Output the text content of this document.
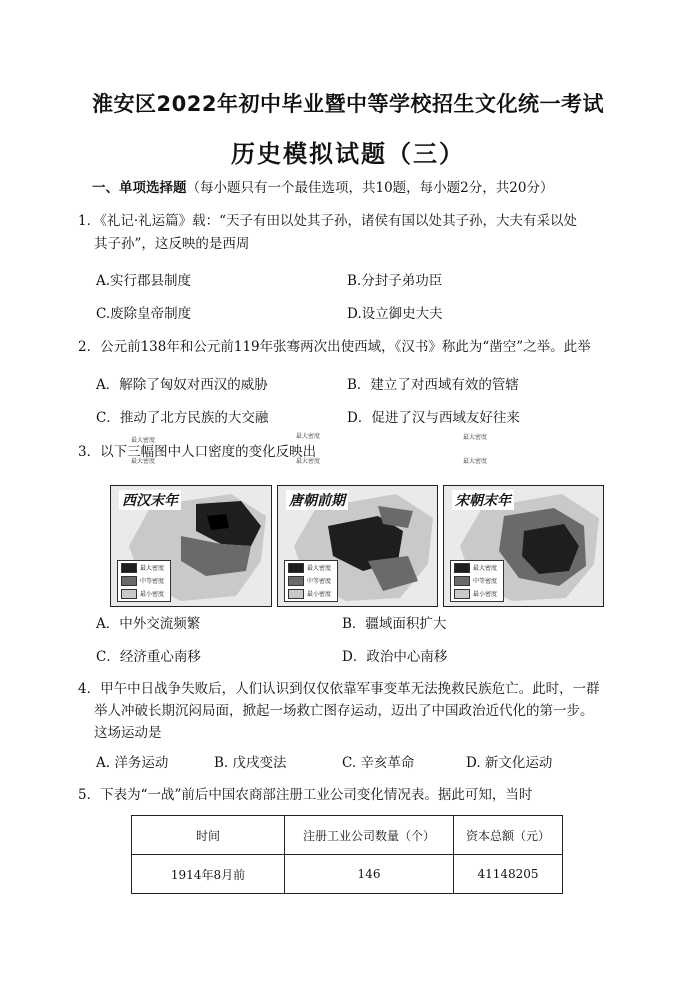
淮安区2022年初中毕业暨中等学校招生文化统一考试
历史模拟试题（三）
一、单项选择题（每小题只有一个最佳选项，共10题，每小题2分，共20分）
1．《礼记·礼运篇》载：“天子有田以处其子孙，诸侯有国以处其子孙，大夫有采以处
其子孙”，这反映的是西周
A.实行郡县制度	B.分封子弟功臣
C.废除皇帝制度	D.设立御史大夫
2．公元前138年和公元前119年张骞两次出使西域，《汉书》称此为“凿空”之举。此举
A．解除了匈奴对西汉的威胁	B．建立了对西域有效的管辖
C．推动了北方民族的大交融	D．促进了汉与西域友好往来
最大密度
最大密度	最大密度
3．以下三幅图中人口密度的变化反映出
最大密度	最大密度	最大密度
西汉末年
最大密度
中等密度
最小密度
唐朝前期
最大密度
中等密度
最小密度
宋朝末年
最大密度
中等密度
最小密度
A．中外交流频繁	B．疆域面积扩大
C．经济重心南移	D．政治中心南移
4．甲午中日战争失败后，人们认识到仅仅依靠军事变革无法挽救民族危亡。此时，一群
举人冲破长期沉闷局面，掀起一场救亡图存运动，迈出了中国政治近代化的第一步。
这场运动是
A. 洋务运动	B. 戊戌变法	C. 辛亥革命	D. 新文化运动
5．下表为“一战”前后中国农商部注册工业公司变化情况表。据此可知，当时
时间	注册工业公司数量（个）	资本总额（元）
1914年8月前	146	41148205
